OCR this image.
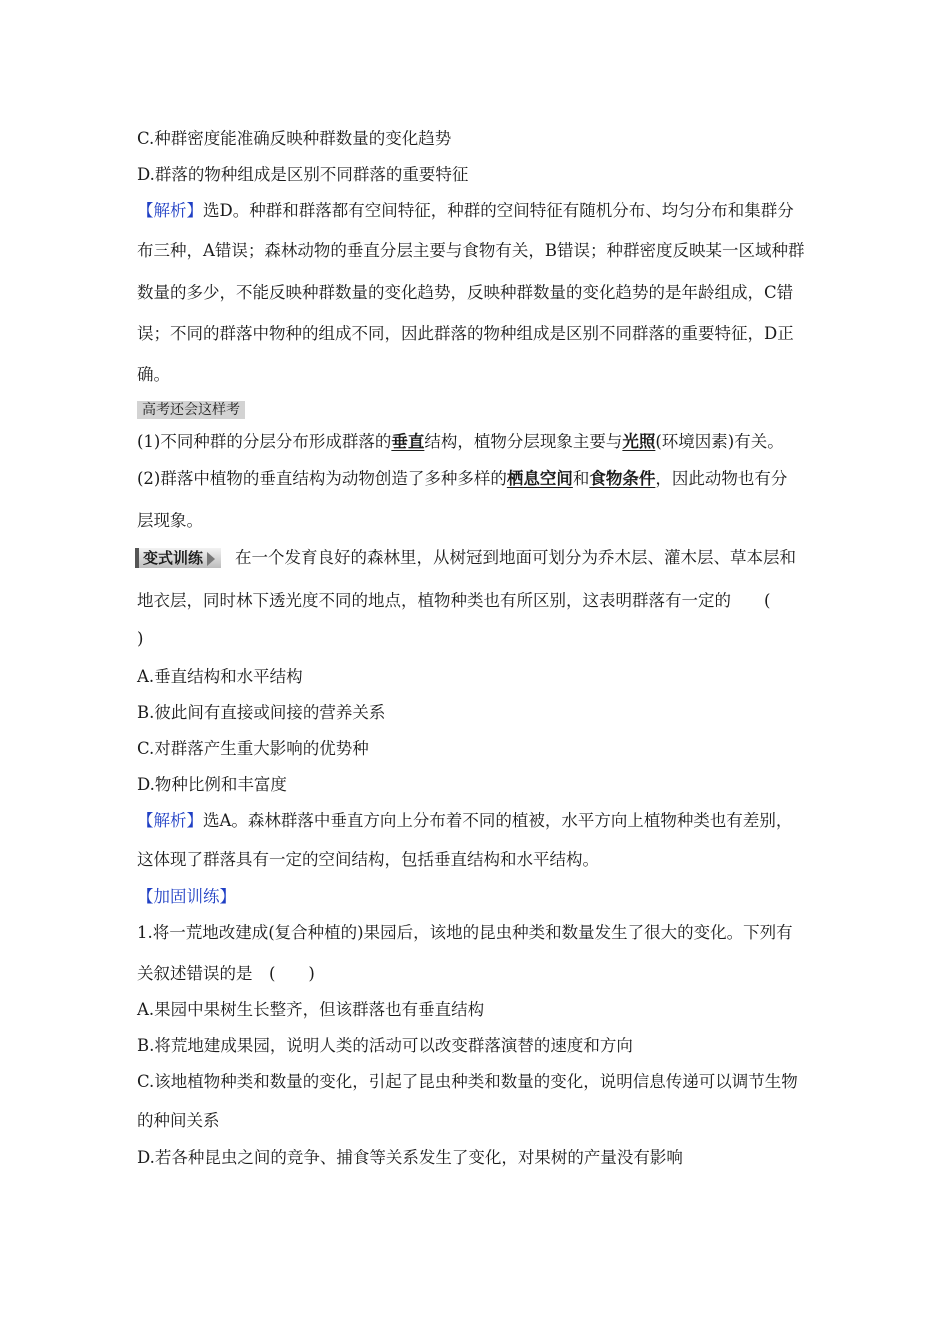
C.种群密度能准确反映种群数量的变化趋势
D.群落的物种组成是区别不同群落的重要特征
【解析】选D。种群和群落都有空间特征，种群的空间特征有随机分布、均匀分布和集群分
布三种，A错误；森林动物的垂直分层主要与食物有关，B错误；种群密度反映某一区域种群
数量的多少，不能反映种群数量的变化趋势，反映种群数量的变化趋势的是年龄组成，C错
误；不同的群落中物种的组成不同，因此群落的物种组成是区别不同群落的重要特征，D正
确。
高考还会这样考
(1)不同种群的分层分布形成群落的垂直结构，植物分层现象主要与光照(环境因素)有关。
(2)群落中植物的垂直结构为动物创造了多种多样的栖息空间和食物条件，因此动物也有分
层现象。
变式训练 在一个发育良好的森林里，从树冠到地面可划分为乔木层、灌木层、草本层和
地衣层，同时林下透光度不同的地点，植物种类也有所区别，这表明群落有一定的　　(
)
A.垂直结构和水平结构
B.彼此间有直接或间接的营养关系
C.对群落产生重大影响的优势种
D.物种比例和丰富度
【解析】选A。森林群落中垂直方向上分布着不同的植被，水平方向上植物种类也有差别，
这体现了群落具有一定的空间结构，包括垂直结构和水平结构。
【加固训练】
1.将一荒地改建成(复合种植的)果园后，该地的昆虫种类和数量发生了很大的变化。下列有
关叙述错误的是　(　　)
A.果园中果树生长整齐，但该群落也有垂直结构
B.将荒地建成果园，说明人类的活动可以改变群落演替的速度和方向
C.该地植物种类和数量的变化，引起了昆虫种类和数量的变化，说明信息传递可以调节生物
的种间关系
D.若各种昆虫之间的竞争、捕食等关系发生了变化，对果树的产量没有影响
